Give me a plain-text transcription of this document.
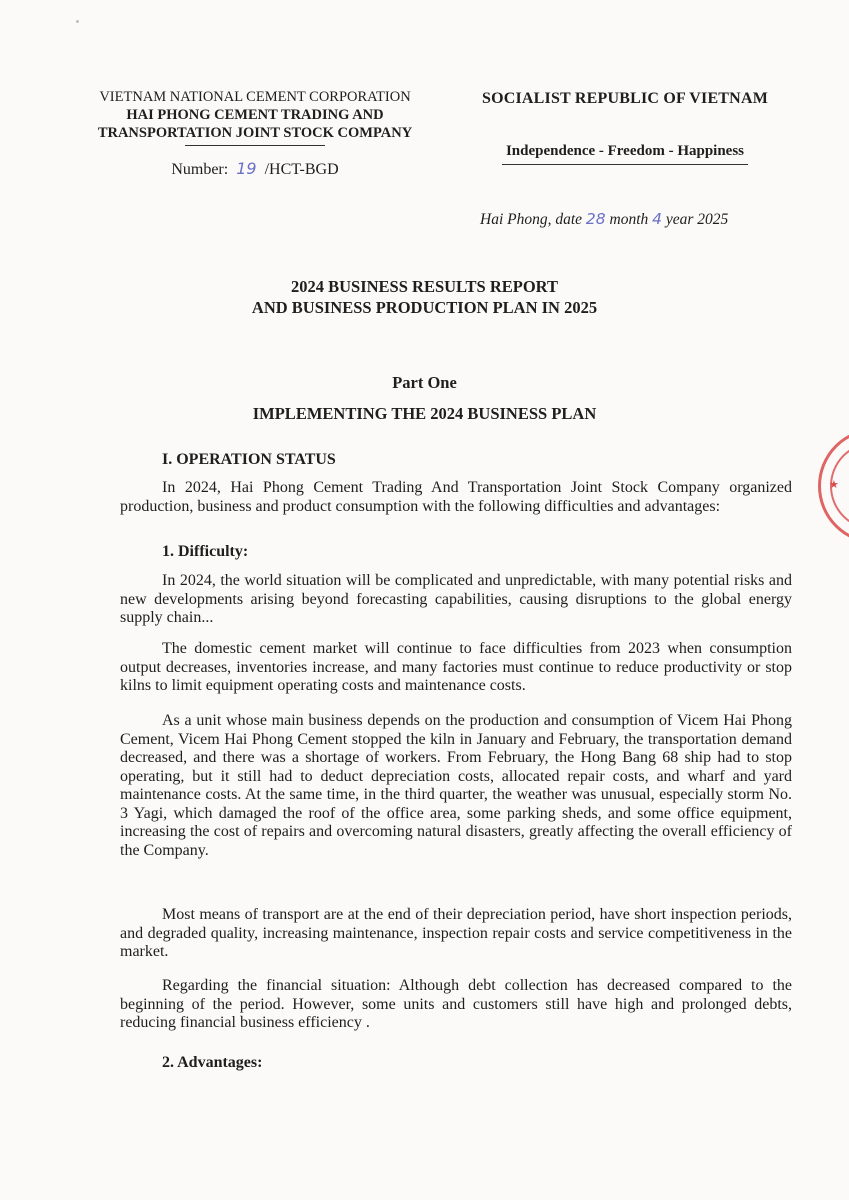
VIETNAM NATIONAL CEMENT CORPORATION
HAI PHONG CEMENT TRADING AND
TRANSPORTATION JOINT STOCK COMPANY
Number: 19 /HCT-BGD
SOCIALIST REPUBLIC OF VIETNAM
Independence - Freedom - Happiness
Hai Phong, date 28 month 4 year 2025
2024 BUSINESS RESULTS REPORT
AND BUSINESS PRODUCTION PLAN IN 2025
Part One
IMPLEMENTING THE 2024 BUSINESS PLAN
I. OPERATION STATUS
In 2024, Hai Phong Cement Trading And Transportation Joint Stock Company organized production, business and product consumption with the following difficulties and advantages:
1. Difficulty:
In 2024, the world situation will be complicated and unpredictable, with many potential risks and new developments arising beyond forecasting capabilities, causing disruptions to the global energy supply chain...
The domestic cement market will continue to face difficulties from 2023 when consumption output decreases, inventories increase, and many factories must continue to reduce productivity or stop kilns to limit equipment operating costs and maintenance costs.
As a unit whose main business depends on the production and consumption of Vicem Hai Phong Cement, Vicem Hai Phong Cement stopped the kiln in January and February, the transportation demand decreased, and there was a shortage of workers. From February, the Hong Bang 68 ship had to stop operating, but it still had to deduct depreciation costs, allocated repair costs, and wharf and yard maintenance costs. At the same time, in the third quarter, the weather was unusual, especially storm No. 3 Yagi, which damaged the roof of the office area, some parking sheds, and some office equipment, increasing the cost of repairs and overcoming natural disasters, greatly affecting the overall efficiency of the Company.
Most means of transport are at the end of their depreciation period, have short inspection periods, and degraded quality, increasing maintenance, inspection repair costs and service competitiveness in the market.
Regarding the financial situation: Although debt collection has decreased compared to the beginning of the period. However, some units and customers still have high and prolonged debts, reducing financial business efficiency .
2. Advantages:
★
